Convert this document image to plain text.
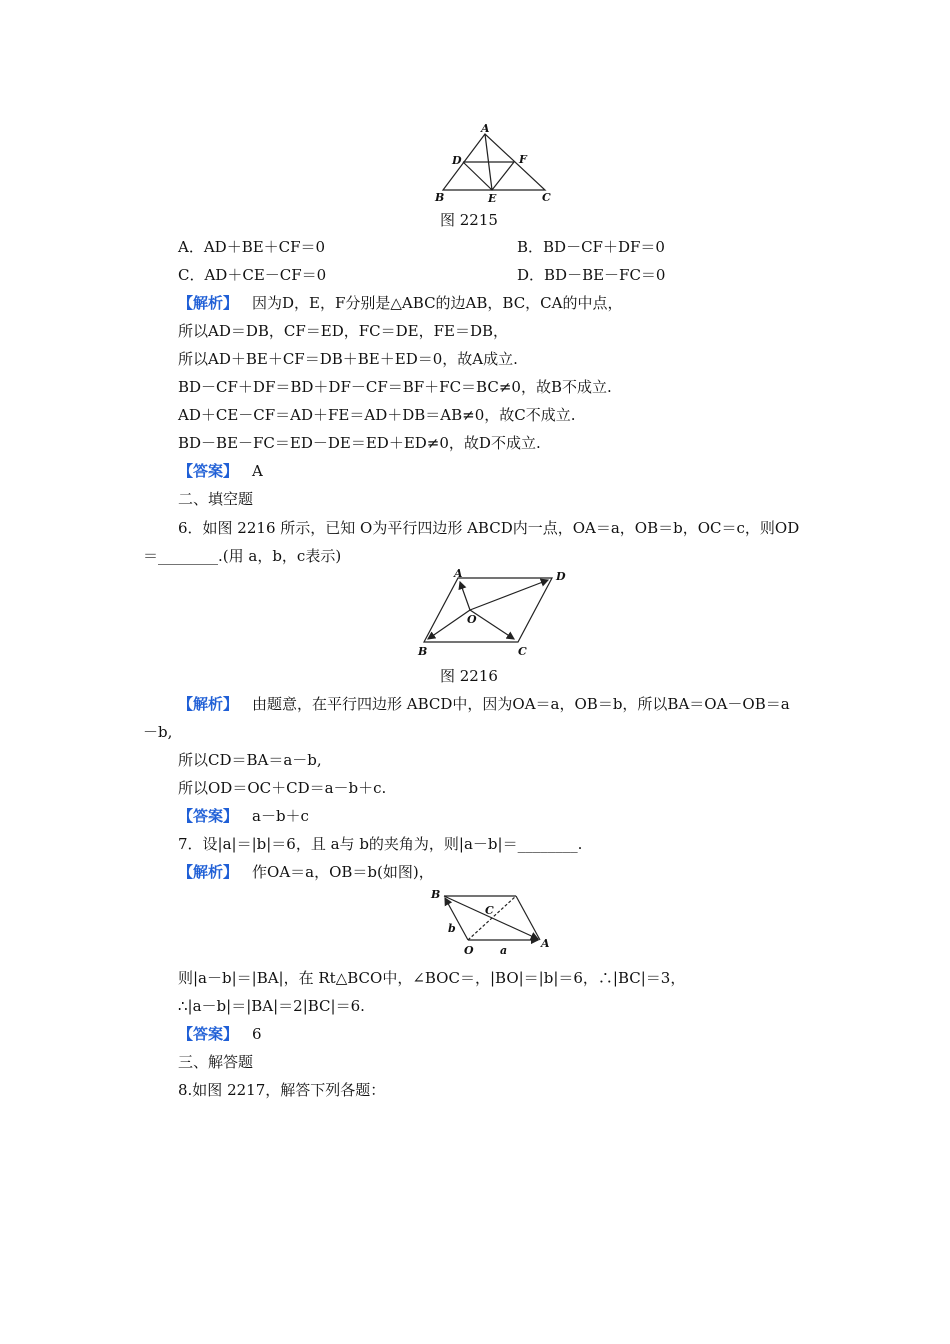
A
D	F
B	E	C
图 2215
A．AD＋BE＋CF＝0	B．BD－CF＋DF＝0
C．AD＋CE－CF＝0	D．BD－BE－FC＝0
【解析】 因为D，E，F分别是△ABC的边AB，BC，CA的中点，
所以AD＝DB，CF＝ED，FC＝DE，FE＝DB，
所以AD＋BE＋CF＝DB＋BE＋ED＝0，故A成立.
BD－CF＋DF＝BD＋DF－CF＝BF＋FC＝BC≠0，故B不成立.
AD＋CE－CF＝AD＋FE＝AD＋DB＝AB≠0，故C不成立.
BD－BE－FC＝ED－DE＝ED＋ED≠0，故D不成立.
【答案】 A
二、填空题
6．如图 2216 所示，已知 O为平行四边形 ABCD内一点，OA＝a，OB＝b，OC＝c，则OD
＝________.(用 a，b，c表示)
A	D
O
B	C
图 2216
【解析】 由题意，在平行四边形 ABCD中，因为OA＝a，OB＝b，所以BA＝OA－OB＝a
－b,
所以CD＝BA＝a－b,
所以OD＝OC＋CD＝a－b＋c.
【答案】 a－b＋c
7．设|a|＝|b|＝6，且 a与 b的夹角为，则|a－b|＝________.
【解析】 作OA＝a，OB＝b(如图)，
B
C
b
O a
A
则|a－b|＝|BA|，在 Rt△BCO中，∠BOC＝，|BO|＝|b|＝6，∴|BC|＝3，
∴|a－b|＝|BA|＝2|BC|＝6.
【答案】 6
三、解答题
8.如图 2217，解答下列各题：
